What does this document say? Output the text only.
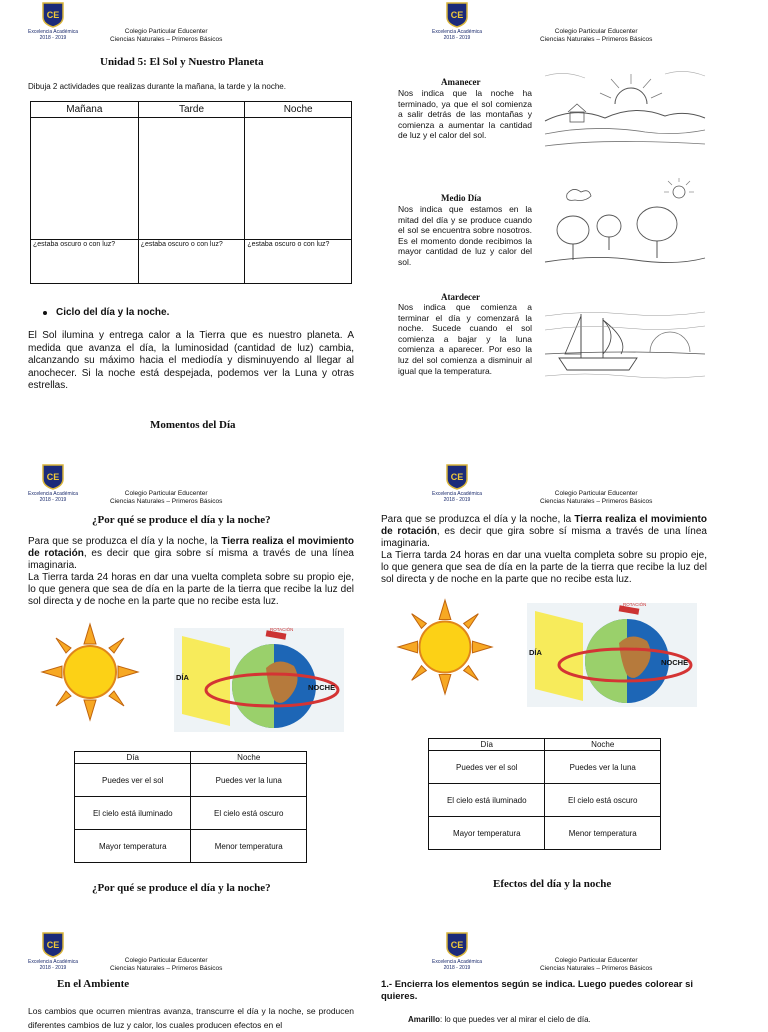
CE
Excelencia Académica
2018 - 2019
Colegio Particular Educenter
Ciencias Naturales – Primeros Básicos
Unidad 5: El Sol y Nuestro Planeta
Dibuja 2 actividades que realizas durante la mañana, la tarde y la noche.
Mañana	Tarde	Noche

¿estaba oscuro o con luz?	¿estaba oscuro o con luz?	¿estaba oscuro o con luz?
Ciclo del día y la noche.
El Sol ilumina y entrega calor a la Tierra que es nuestro planeta. A medida que avanza el día, la luminosidad (cantidad de luz) cambia, alcanzando su máximo hacia el mediodía y disminuyendo al llegar al anochecer. Si la noche está despejada, podemos ver la Luna y otras estrellas.
Momentos del Día
CE
Excelencia Académica
2018 - 2019
Colegio Particular Educenter
Ciencias Naturales – Primeros Básicos
Amanecer
Nos indica que la noche ha terminado, ya que el sol comienza a salir detrás de las montañas y comienza a aumentar la cantidad de luz y el calor del sol.
Medio Día
Nos indica que estamos en la mitad del día y se produce cuando el sol se encuentra sobre nosotros. Es el momento donde recibimos la mayor cantidad de luz y calor del sol.
Atardecer
Nos indica que comienza a terminar el día y comenzará la noche. Sucede cuando el sol comienza a bajar y la luna comienza a aparecer. Por eso la luz del sol comienza a disminuir al igual que la temperatura.
CE
Excelencia Académica
2018 - 2019
Colegio Particular Educenter
Ciencias Naturales – Primeros Básicos
¿Por qué se produce el día y la noche?
Para que se produzca el día y la noche, la Tierra realiza el movimiento de rotación, es decir que gira sobre sí misma a través de una línea imaginaria.
La Tierra tarda 24 horas en dar una vuelta completa sobre su propio eje, lo que genera que sea de día en la parte de la tierra que recibe la luz del sol directa y de noche en la parte que no recibe esta luz.
ROTACIÓN
DÍA
NOCHE
Día	Noche
Puedes ver el sol	Puedes ver la luna
El cielo está iluminado	El cielo está oscuro
Mayor temperatura	Menor temperatura
¿Por qué se produce el día y la noche?
CE
Excelencia Académica
2018 - 2019
Colegio Particular Educenter
Ciencias Naturales – Primeros Básicos
Para que se produzca el día y la noche, la Tierra realiza el movimiento de rotación, es decir que gira sobre sí misma a través de una línea imaginaria.
La Tierra tarda 24 horas en dar una vuelta completa sobre su propio eje, lo que genera que sea de día en la parte de la tierra que recibe la luz del sol directa y de noche en la parte que no recibe esta luz.
ROTACIÓN
DÍA
NOCHE
Día	Noche
Puedes ver el sol	Puedes ver la luna
El cielo está iluminado	El cielo está oscuro
Mayor temperatura	Menor temperatura
Efectos del día y la noche
CE
Excelencia Académica
2018 - 2019
Colegio Particular Educenter
Ciencias Naturales – Primeros Básicos
En el Ambiente
Los cambios que ocurren mientras avanza, transcurre el día y la noche, se producen diferentes cambios de luz y calor, los cuales producen efectos en el
CE
Excelencia Académica
2018 - 2019
Colegio Particular Educenter
Ciencias Naturales – Primeros Básicos
1.- Encierra los elementos según se indica. Luego puedes colorear si quieres.
Amarillo: lo que puedes ver al mirar el cielo de día.
